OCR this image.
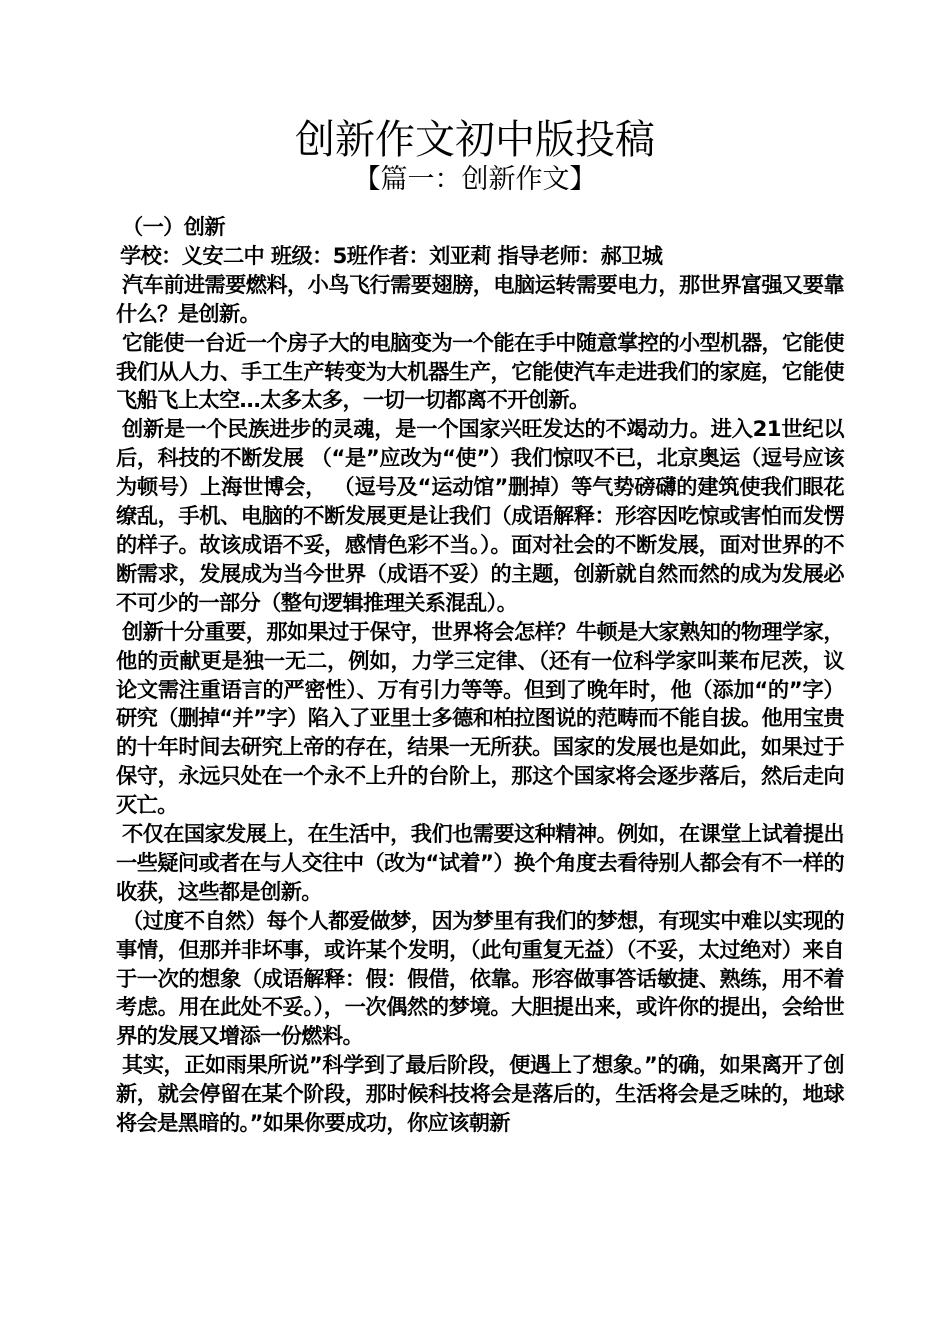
创新作文初中版投稿
【篇一：创新作文】

（一）创新

学校：义安二中 班级：5班作者：刘亚莉 指导老师：郝卫城

汽车前进需要燃料，小鸟飞行需要翅膀，电脑运转需要电力，那世界富强又要靠什么？是创新。

它能使一台近一个房子大的电脑变为一个能在手中随意掌控的小型机器，它能使我们从人力、手工生产转变为大机器生产，它能使汽车走进我们的家庭，它能使飞船飞上太空…太多太多，一切一切都离不开创新。

创新是一个民族进步的灵魂，是一个国家兴旺发达的不竭动力。进入21世纪以后，科技的不断发展 （“是”应改为“使”）我们惊叹不已，北京奥运（逗号应该为顿号）上海世博会， （逗号及“运动馆”删掉）等气势磅礴的建筑使我们眼花缭乱，手机、电脑的不断发展更是让我们（成语解释：形容因吃惊或害怕而发愣的样子。故该成语不妥，感情色彩不当。）。面对社会的不断发展，面对世界的不断需求，发展成为当今世界（成语不妥）的主题，创新就自然而然的成为发展必不可少的一部分（整句逻辑推理关系混乱）。

创新十分重要，那如果过于保守，世界将会怎样？牛顿是大家熟知的物理学家，他的贡献更是独一无二，例如，力学三定律、（还有一位科学家叫莱布尼茨，议论文需注重语言的严密性）、万有引力等等。但到了晚年时，他（添加“的”字）研究（删掉“并”字）陷入了亚里士多德和柏拉图说的范畴而不能自拔。他用宝贵的十年时间去研究上帝的存在，结果一无所获。国家的发展也是如此，如果过于保守，永远只处在一个永不上升的台阶上，那这个国家将会逐步落后，然后走向灭亡。

不仅在国家发展上，在生活中，我们也需要这种精神。例如，在课堂上试着提出一些疑问或者在与人交往中（改为“试着”）换个角度去看待别人都会有不一样的收获，这些都是创新。

（过度不自然）每个人都爱做梦，因为梦里有我们的梦想，有现实中难以实现的事情，但那并非坏事，或许某个发明，（此句重复无益）（不妥，太过绝对）来自于一次的想象（成语解释：假：假借，依靠。形容做事答话敏捷、熟练，用不着考虑。用在此处不妥。），一次偶然的梦境。大胆提出来，或许你的提出，会给世界的发展又增添一份燃料。

其实，正如雨果所说”科学到了最后阶段，便遇上了想象。”的确，如果离开了创新，就会停留在某个阶段，那时候科技将会是落后的，生活将会是乏味的，地球将会是黑暗的。”如果你要成功，你应该朝新
